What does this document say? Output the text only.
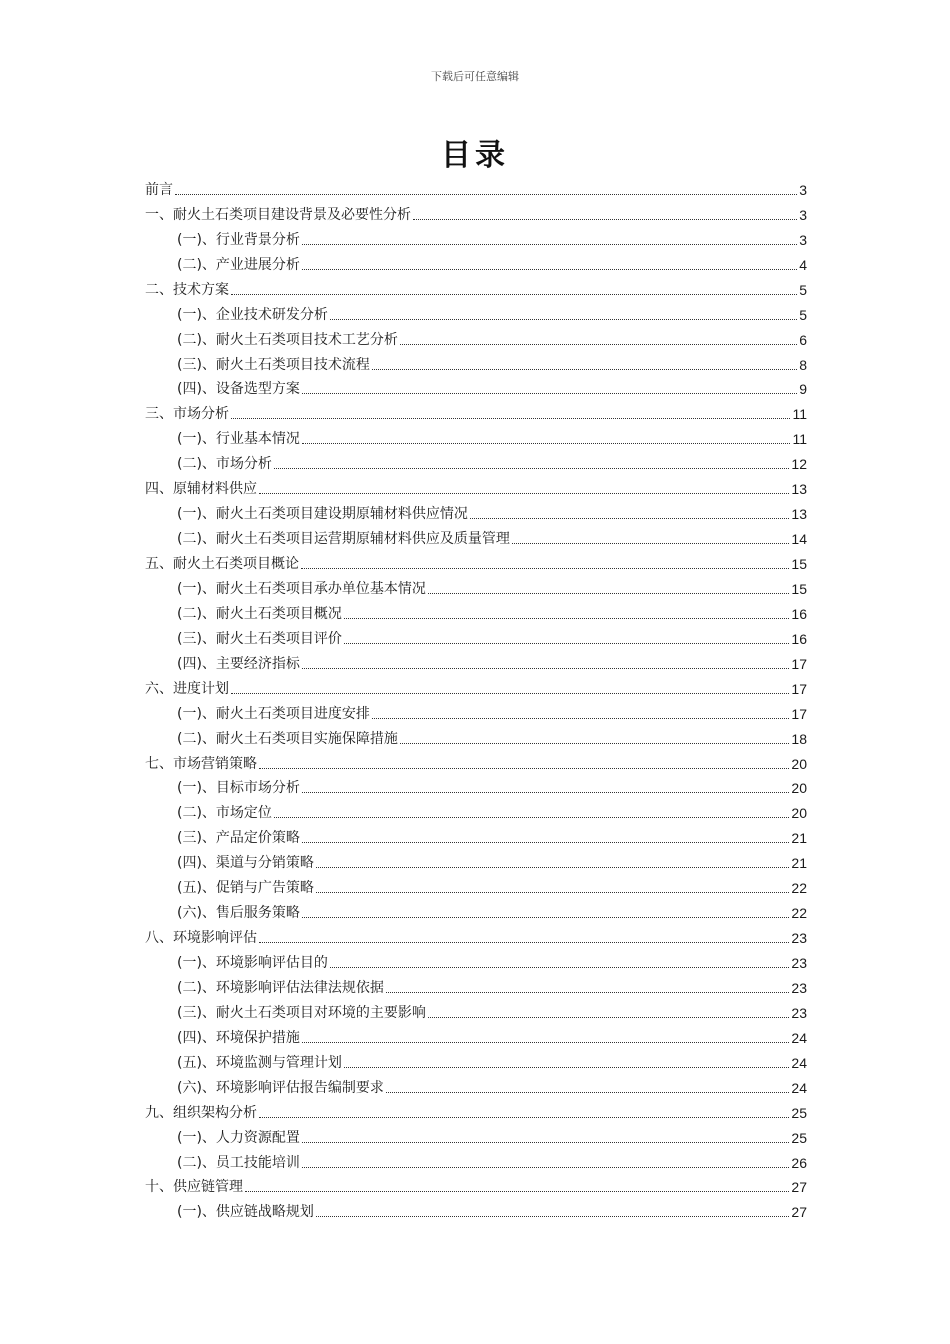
下载后可任意编辑
目录
前言	3
一、耐火土石类项目建设背景及必要性分析	3
(一)、行业背景分析	3
(二)、产业进展分析	4
二、技术方案	5
(一)、企业技术研发分析	5
(二)、耐火土石类项目技术工艺分析	6
(三)、耐火土石类项目技术流程	8
(四)、设备选型方案	9
三、市场分析	11
(一)、行业基本情况	11
(二)、市场分析	12
四、原辅材料供应	13
(一)、耐火土石类项目建设期原辅材料供应情况	13
(二)、耐火土石类项目运营期原辅材料供应及质量管理	14
五、耐火土石类项目概论	15
(一)、耐火土石类项目承办单位基本情况	15
(二)、耐火土石类项目概况	16
(三)、耐火土石类项目评价	16
(四)、主要经济指标	17
六、进度计划	17
(一)、耐火土石类项目进度安排	17
(二)、耐火土石类项目实施保障措施	18
七、市场营销策略	20
(一)、目标市场分析	20
(二)、市场定位	20
(三)、产品定价策略	21
(四)、渠道与分销策略	21
(五)、促销与广告策略	22
(六)、售后服务策略	22
八、环境影响评估	23
(一)、环境影响评估目的	23
(二)、环境影响评估法律法规依据	23
(三)、耐火土石类项目对环境的主要影响	23
(四)、环境保护措施	24
(五)、环境监测与管理计划	24
(六)、环境影响评估报告编制要求	24
九、组织架构分析	25
(一)、人力资源配置	25
(二)、员工技能培训	26
十、供应链管理	27
(一)、供应链战略规划	27
